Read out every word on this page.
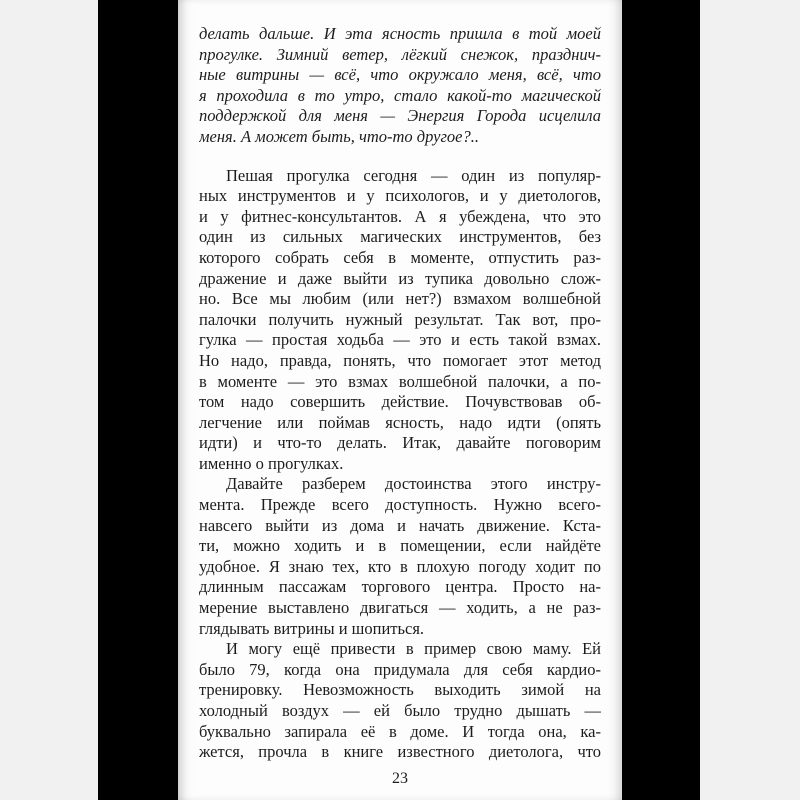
делать дальше. И эта ясность пришла в той моей
прогулке. Зимний ветер, лёгкий снежок, празднич-
ные витрины — всё, что окружало меня, всё, что
я проходила в то утро, стало какой-то магической
поддержкой для меня — Энергия Города исцелила
меня. А может быть, что-то другое?..
Пешая прогулка сегодня — один из популяр-
ных инструментов и у психологов, и у диетологов,
и у фитнес-консультантов. А я убеждена, что это
один из сильных магических инструментов, без
которого собрать себя в моменте, отпустить раз-
дражение и даже выйти из тупика довольно слож-
но. Все мы любим (или нет?) взмахом волшебной
палочки получить нужный результат. Так вот, про-
гулка — простая ходьба — это и есть такой взмах.
Но надо, правда, понять, что помогает этот метод
в моменте — это взмах волшебной палочки, а по-
том надо совершить действие. Почувствовав об-
легчение или поймав ясность, надо идти (опять
идти) и что-то делать. Итак, давайте поговорим
именно о прогулках.
Давайте разберем достоинства этого инстру-
мента. Прежде всего доступность. Нужно всего-
навсего выйти из дома и начать движение. Кста-
ти, можно ходить и в помещении, если найдёте
удобное. Я знаю тех, кто в плохую погоду ходит по
длинным пассажам торгового центра. Просто на-
мерение выставлено двигаться — ходить, а не раз-
глядывать витрины и шопиться.
И могу ещё привести в пример свою маму. Ей
было 79, когда она придумала для себя кардио-
тренировку. Невозможность выходить зимой на
холодный воздух — ей было трудно дышать —
буквально запирала её в доме. И тогда она, ка-
жется, прочла в книге известного диетолога, что
23
